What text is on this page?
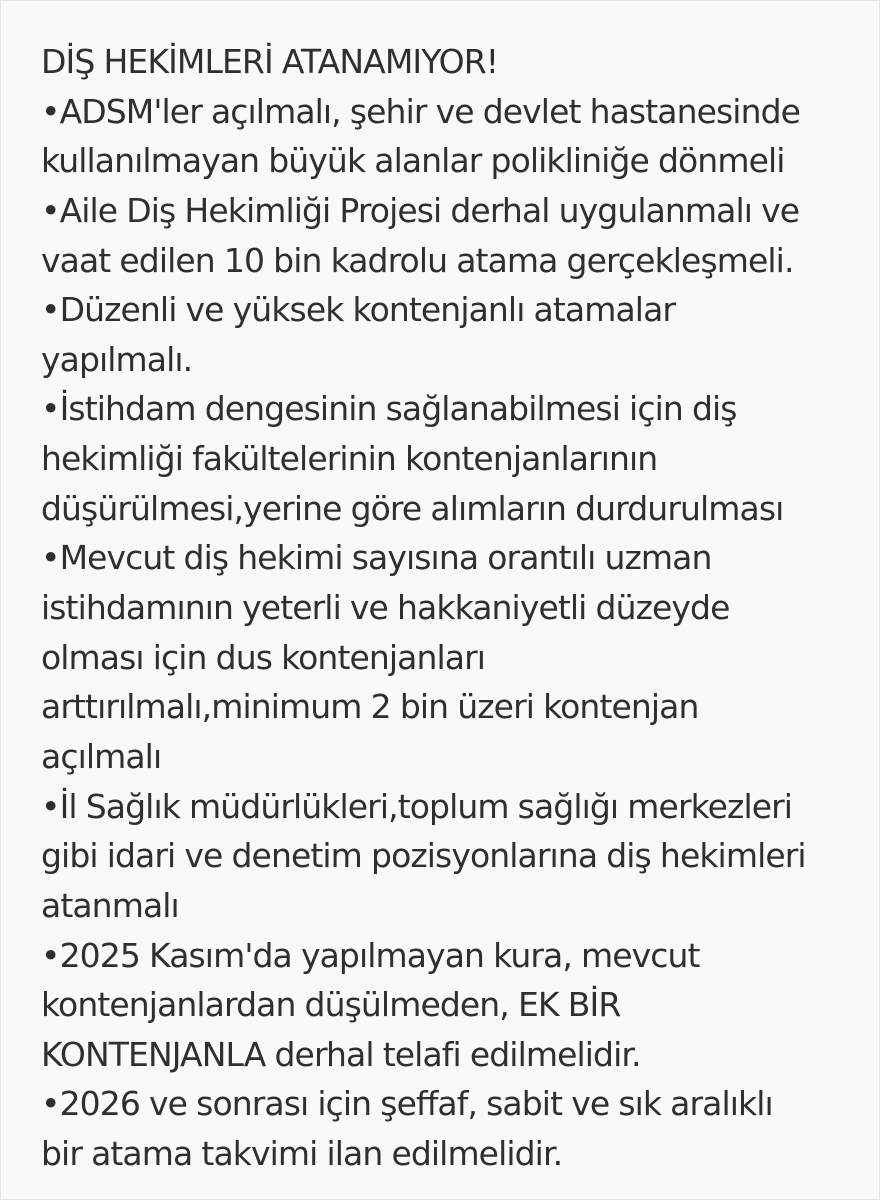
DİŞ HEKİMLERİ ATANAMIYOR!
•ADSM'ler açılmalı, şehir ve devlet hastanesinde
kullanılmayan büyük alanlar polikliniğe dönmeli
•Aile Diş Hekimliği Projesi derhal uygulanmalı ve
vaat edilen 10 bin kadrolu atama gerçekleşmeli.
•Düzenli ve yüksek kontenjanlı atamalar
yapılmalı.
•İstihdam dengesinin sağlanabilmesi için diş
hekimliği fakültelerinin kontenjanlarının
düşürülmesi,yerine göre alımların durdurulması
•Mevcut diş hekimi sayısına orantılı uzman
istihdamının yeterli ve hakkaniyetli düzeyde
olması için dus kontenjanları
arttırılmalı,minimum 2 bin üzeri kontenjan
açılmalı
•İl Sağlık müdürlükleri,toplum sağlığı merkezleri
gibi idari ve denetim pozisyonlarına diş hekimleri
atanmalı
•2025 Kasım'da yapılmayan kura, mevcut
kontenjanlardan düşülmeden, EK BİR
KONTENJANLA derhal telafi edilmelidir.
•2026 ve sonrası için şeffaf, sabit ve sık aralıklı
bir atama takvimi ilan edilmelidir.
